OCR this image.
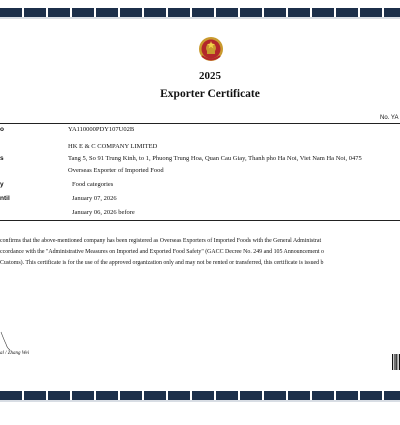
2025
Exporter Certificate
No. YA
o	YA110000PDY107U02B
HK E & C COMPANY LIMITED
s	Tang 5, So 91 Trung Kinh, to 1, Phuong Trung Hoa, Quan Cau Giay, Thanh pho Ha Noi, Viet Nam Ha Noi, 0475
Overseas Exporter of Imported Food
y	Food categories
ntil	January 07, 2026
January 06, 2026 before
confirms that the above-mentioned company has been registered as Overseas Exporters of Imported Foods with the General Administrat
ccordance with the "Administrative Measures on Imported and Exported Food Safety" (GACC Decree No. 249 and 105 Announcement o
Customs). This certificate is for the use of the approved organization only and may not be rented or transferred, this certificate is issued b
al / Zhang Wei
